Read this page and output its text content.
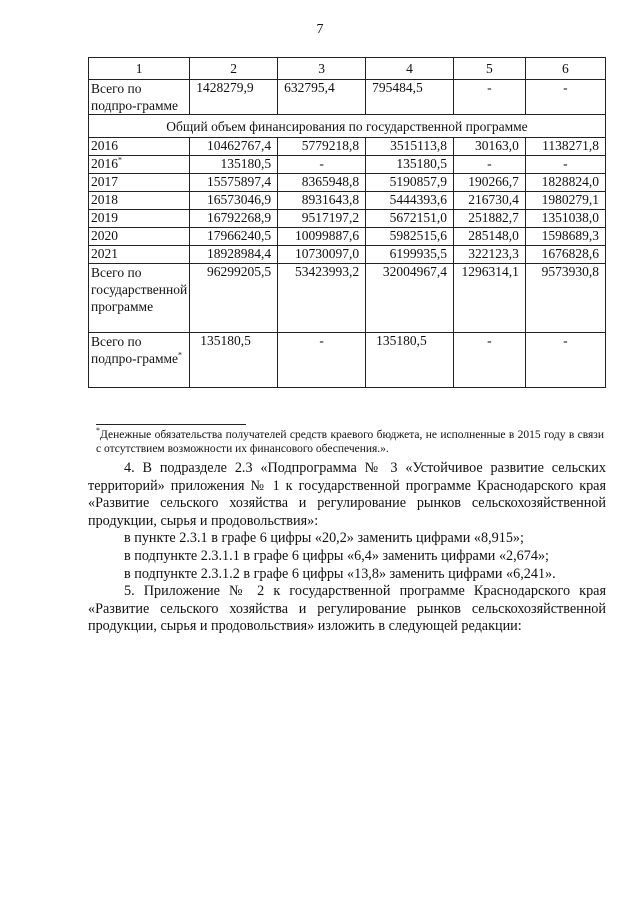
7
1	2	3	4	5	6
Всего по подпро-грамме	1428279,9	632795,4	795484,5	-	-
Общий объем финансирования по государственной программе					
2016	10462767,4	5779218,8	3515113,8	30163,0	1138271,8
2016*	135180,5	-	135180,5	-	-
2017	15575897,4	8365948,8	5190857,9	190266,7	1828824,0
2018	16573046,9	8931643,8	5444393,6	216730,4	1980279,1
2019	16792268,9	9517197,2	5672151,0	251882,7	1351038,0
2020	17966240,5	10099887,6	5982515,6	285148,0	1598689,3
2021	18928984,4	10730097,0	6199935,5	322123,3	1676828,6

Всего по
государственной программе	96299205,5	53423993,2	32004967,4	1296314,1	9573930,8

Всего по
подпро-грамме*	135180,5	-	135180,5	-	-
*Денежные обязательства получателей средств краевого бюджета, не исполненные в 2015 году в связи с отсутствием возможности их финансового обеспечения.».

4. В подразделе 2.3 «Подпрограмма № 3 «Устойчивое развитие сельских территорий» приложения № 1 к государственной программе Краснодарского края «Развитие сельского хозяйства и регулирование рынков сельскохозяйственной продукции, сырья и продовольствия»:

в пункте 2.3.1 в графе 6 цифры «20,2» заменить цифрами «8,915»;

в подпункте 2.3.1.1 в графе 6 цифры «6,4» заменить цифрами «2,674»;

в подпункте 2.3.1.2 в графе 6 цифры «13,8» заменить цифрами «6,241».

5. Приложение № 2 к государственной программе Краснодарского края «Развитие сельского хозяйства и регулирование рынков сельскохозяйственной продукции, сырья и продовольствия» изложить в следующей редакции:
